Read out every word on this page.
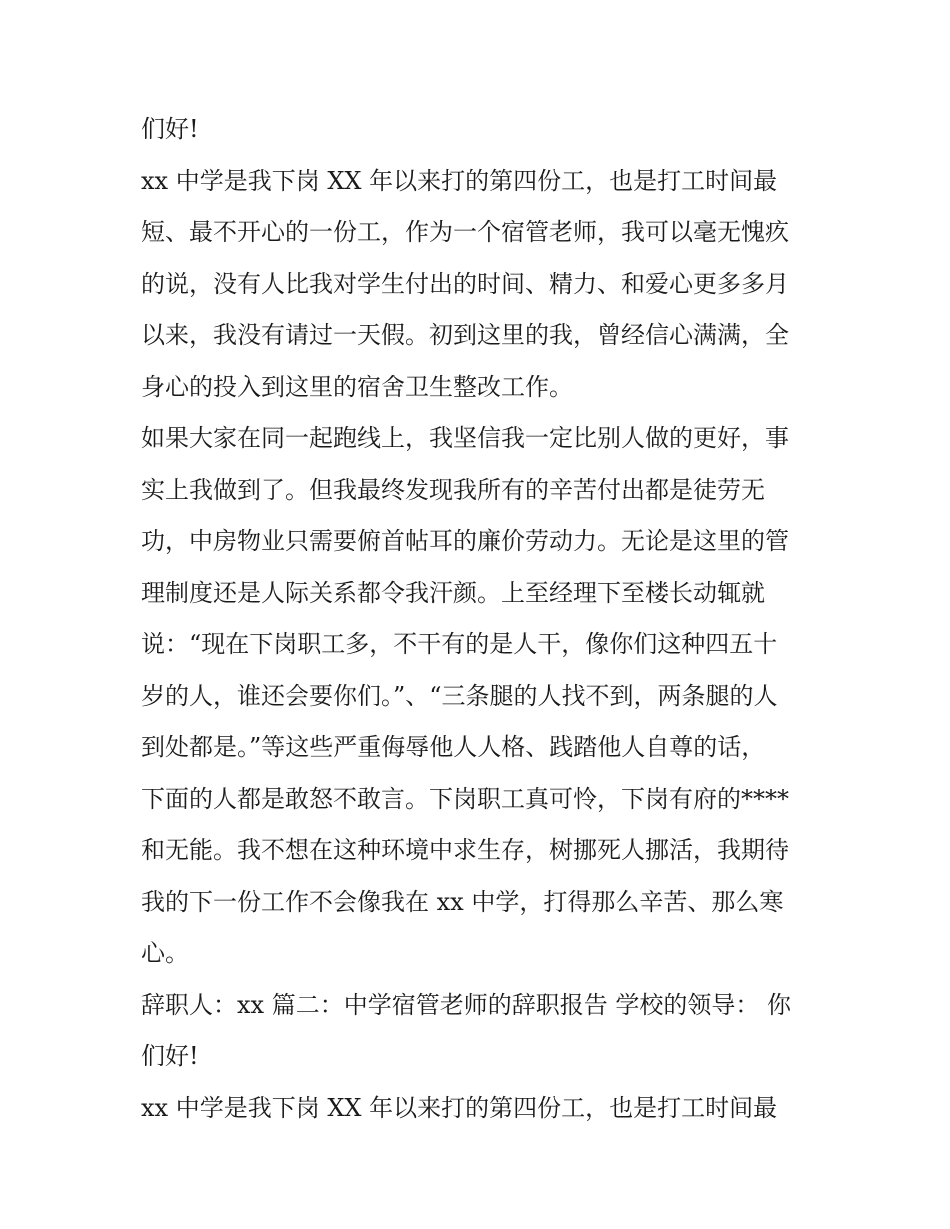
们好!
xx 中学是我下岗 XX 年以来打的第四份工，也是打工时间最
短、最不开心的一份工，作为一个宿管老师，我可以毫无愧疚
的说，没有人比我对学生付出的时间、精力、和爱心更多多月
以来，我没有请过一天假。初到这里的我，曾经信心满满，全
身心的投入到这里的宿舍卫生整改工作。
如果大家在同一起跑线上，我坚信我一定比别人做的更好，事
实上我做到了。但我最终发现我所有的辛苦付出都是徒劳无
功，中房物业只需要俯首帖耳的廉价劳动力。无论是这里的管
理制度还是人际关系都令我汗颜。上至经理下至楼长动辄就
说：“现在下岗职工多，不干有的是人干，像你们这种四五十
岁的人，谁还会要你们。”、“三条腿的人找不到，两条腿的人
到处都是。”等这些严重侮辱他人人格、践踏他人自尊的话，
下面的人都是敢怒不敢言。下岗职工真可怜，下岗有府的****
和无能。我不想在这种环境中求生存，树挪死人挪活，我期待
我的下一份工作不会像我在 xx 中学，打得那么辛苦、那么寒
心。
辞职人：xx 篇二：中学宿管老师的辞职报告 学校的领导： 你
们好!
xx 中学是我下岗 XX 年以来打的第四份工，也是打工时间最
